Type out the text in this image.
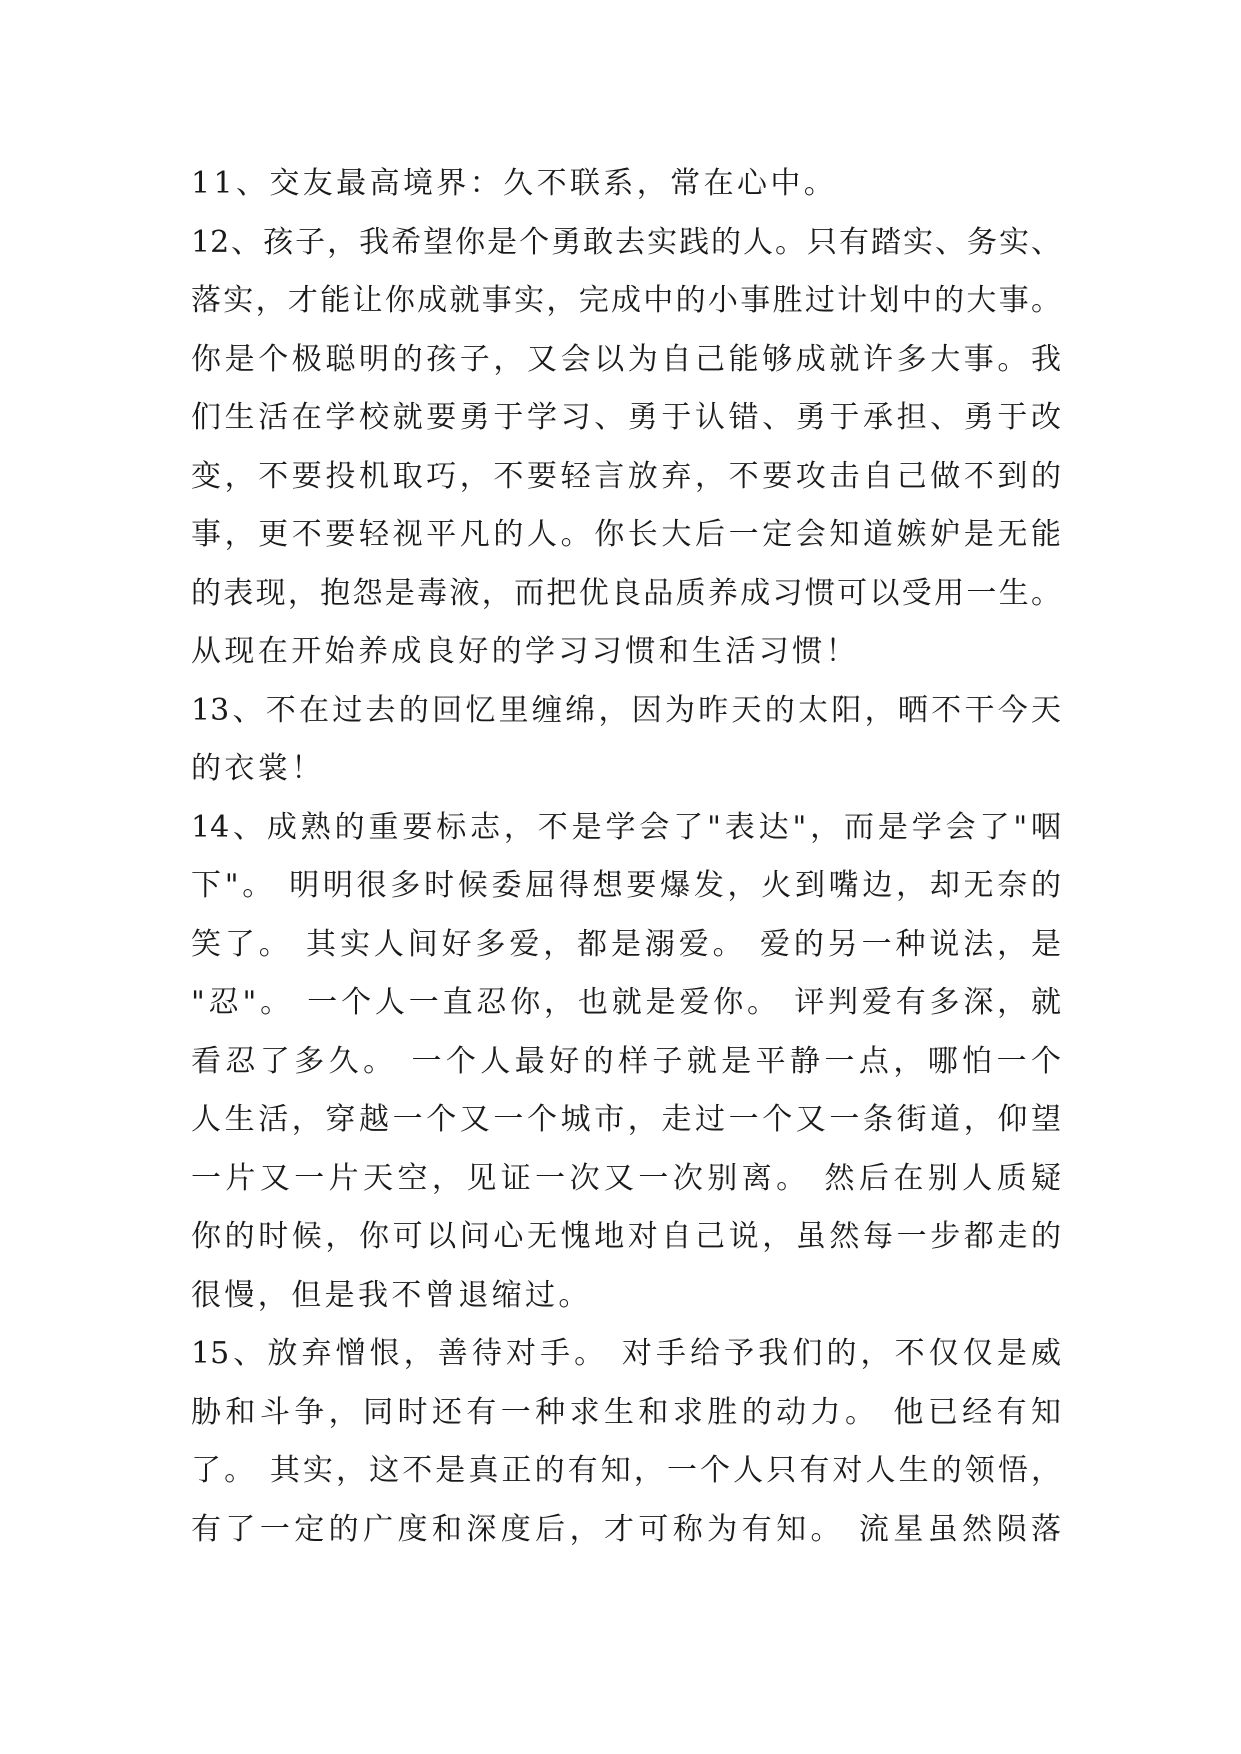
11、交友最高境界：久不联系，常在心中。
12、孩子，我希望你是个勇敢去实践的人。只有踏实、务实、
落实，才能让你成就事实，完成中的小事胜过计划中的大事。
你是个极聪明的孩子，又会以为自己能够成就许多大事。我
们生活在学校就要勇于学习、勇于认错、勇于承担、勇于改
变，不要投机取巧，不要轻言放弃，不要攻击自己做不到的
事，更不要轻视平凡的人。你长大后一定会知道嫉妒是无能
的表现，抱怨是毒液，而把优良品质养成习惯可以受用一生。
从现在开始养成良好的学习习惯和生活习惯！
13、不在过去的回忆里缠绵，因为昨天的太阳，晒不干今天
的衣裳！
14、成熟的重要标志，不是学会了"表达"，而是学会了"咽
下"。 明明很多时候委屈得想要爆发，火到嘴边，却无奈的
笑了。 其实人间好多爱，都是溺爱。 爱的另一种说法，是
"忍"。 一个人一直忍你，也就是爱你。 评判爱有多深，就
看忍了多久。 一个人最好的样子就是平静一点，哪怕一个
人生活，穿越一个又一个城市，走过一个又一条街道，仰望
一片又一片天空，见证一次又一次别离。 然后在别人质疑
你的时候，你可以问心无愧地对自己说，虽然每一步都走的
很慢，但是我不曾退缩过。
15、放弃憎恨，善待对手。 对手给予我们的，不仅仅是威
胁和斗争，同时还有一种求生和求胜的动力。 他已经有知
了。 其实，这不是真正的有知，一个人只有对人生的领悟，
有了一定的广度和深度后，才可称为有知。 流星虽然陨落
